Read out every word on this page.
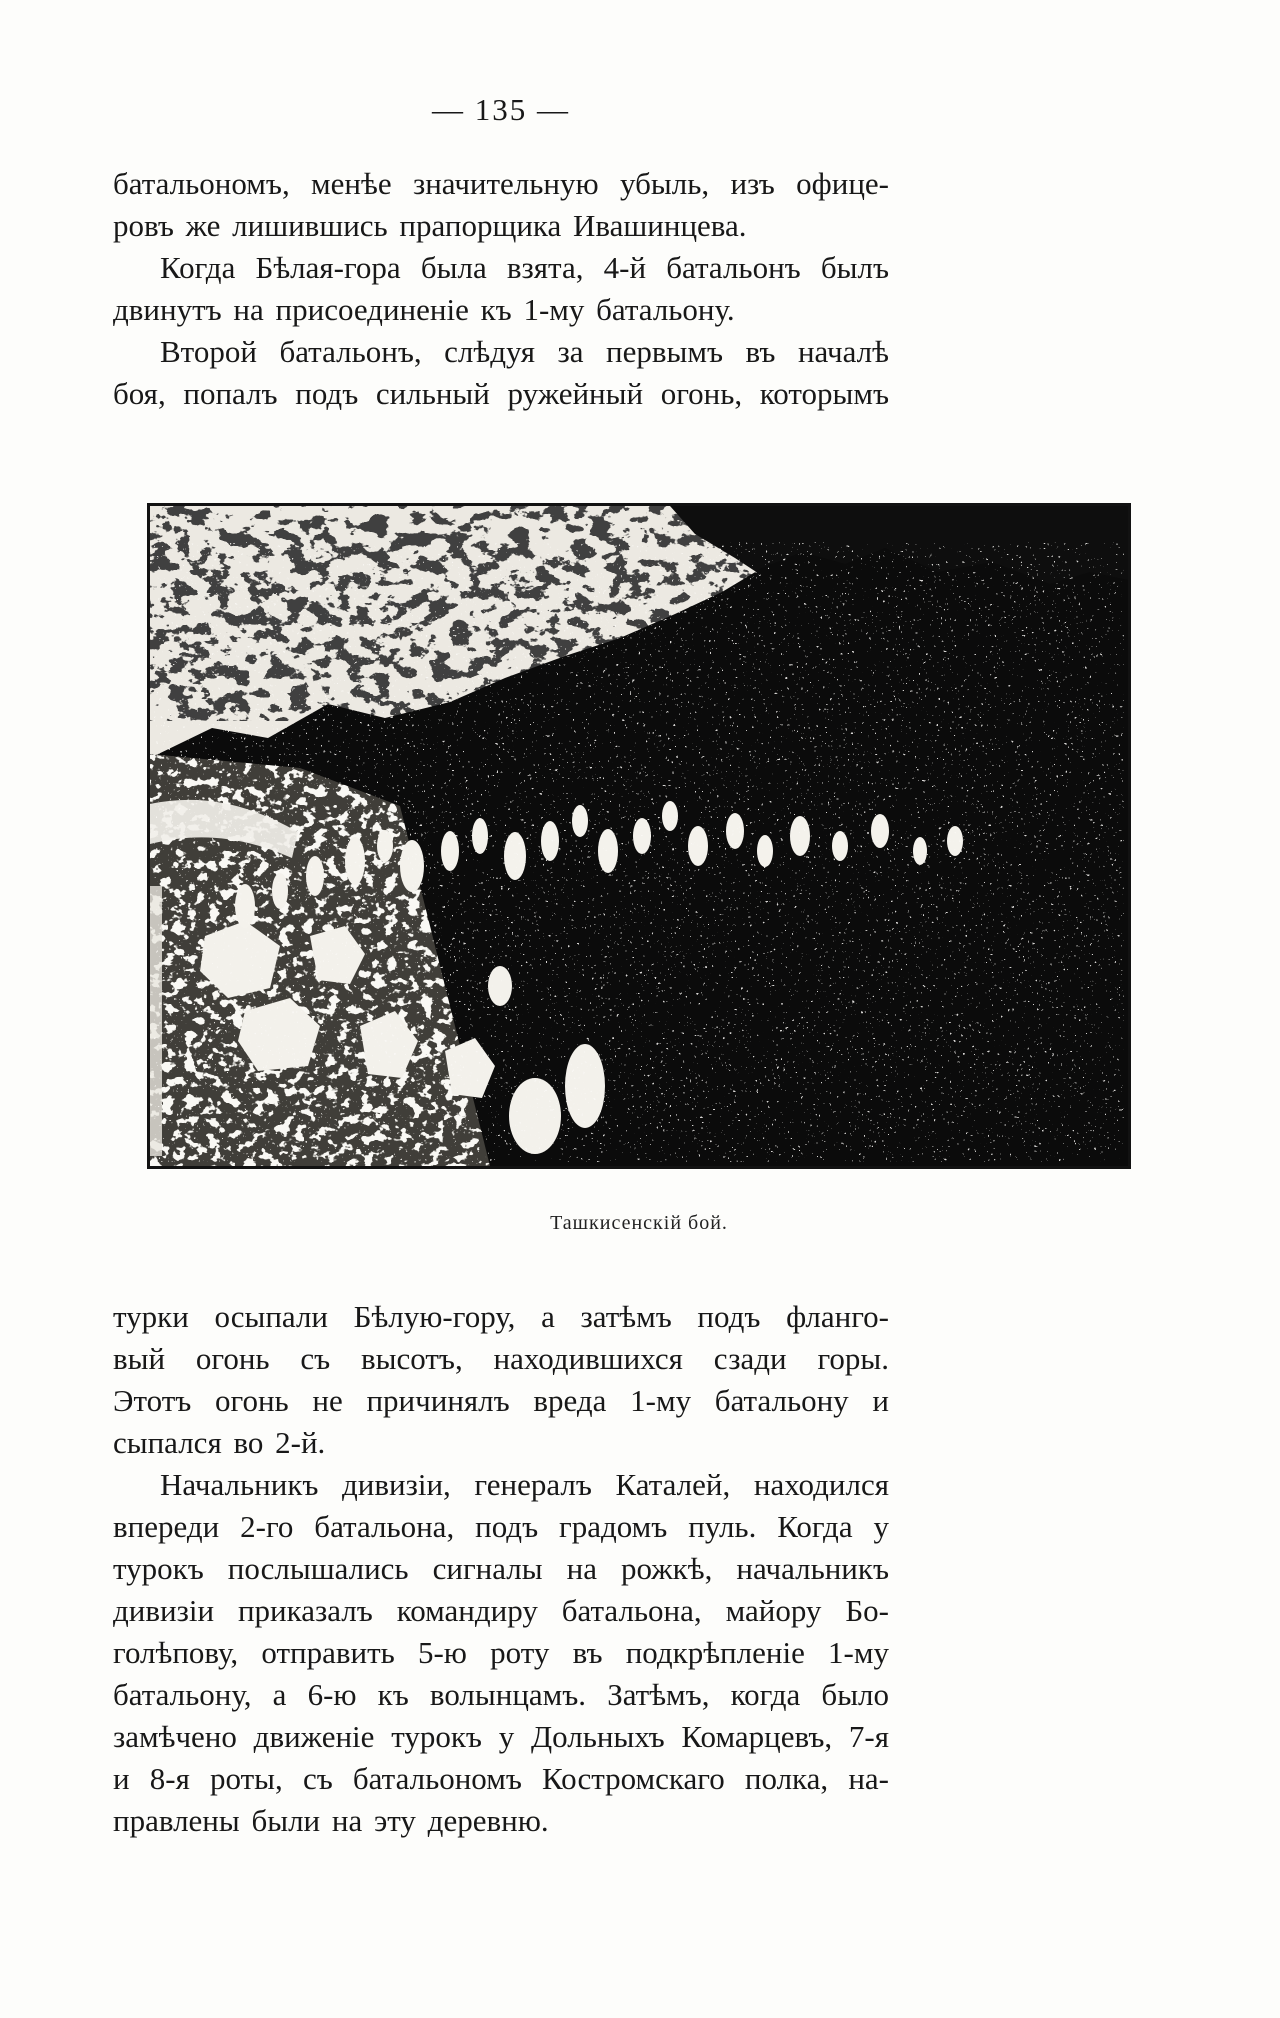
— 135 —
батальономъ, менѣе значительную убыль, изъ офице-
ровъ же лишившись прапорщика Ивашинцева.
Когда Бѣлая-гора была взята, 4-й батальонъ былъ
двинутъ на присоединеніе къ 1-му батальону.
Второй батальонъ, слѣдуя за первымъ въ началѣ
боя, попалъ подъ сильный ружейный огонь, которымъ
Ташкисенскій бой.
турки осыпали Бѣлую-гору, а затѣмъ подъ фланго-
вый огонь съ высотъ, находившихся сзади горы.
Этотъ огонь не причинялъ вреда 1-му батальону и
сыпался во 2-й.
Начальникъ дивизіи, генералъ Каталей, находился
впереди 2-го батальона, подъ градомъ пуль. Когда у
турокъ послышались сигналы на рожкѣ, начальникъ
дивизіи приказалъ командиру батальона, майору Бо-
голѣпову, отправить 5-ю роту въ подкрѣпленіе 1-му
батальону, а 6-ю къ волынцамъ. Затѣмъ, когда было
замѣчено движеніе турокъ у Дольныхъ Комарцевъ, 7-я
и 8-я роты, съ батальономъ Костромскаго полка, на-
правлены были на эту деревню.
